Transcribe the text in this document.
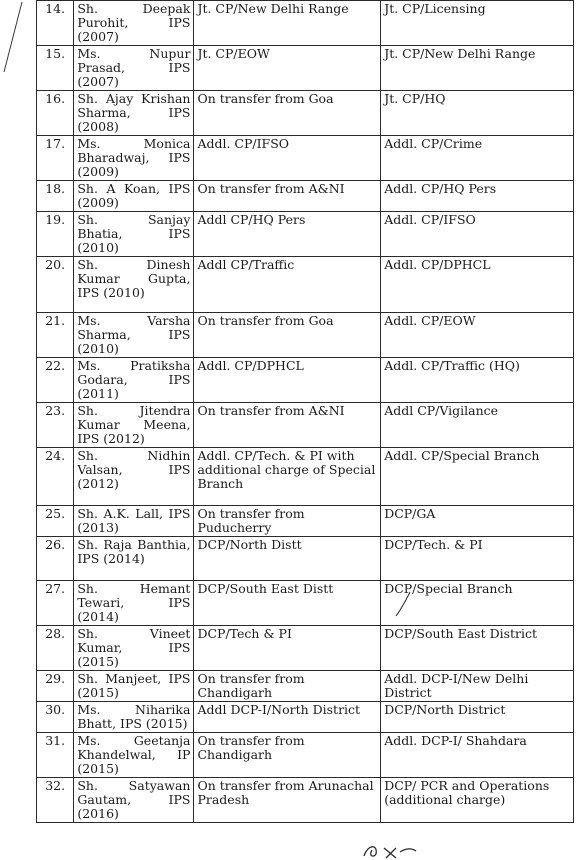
14.	Sh. Deepak Purohit, IPS (2007)	Jt. CP/New Delhi Range	Jt. CP/Licensing
15.	Ms. Nupur Prasad, IPS (2007)	Jt. CP/EOW	Jt. CP/New Delhi Range
16.	Sh. Ajay Krishan Sharma, IPS (2008)	On transfer from Goa	Jt. CP/HQ
17.	Ms. Monica Bharadwaj, IPS (2009)	Addl. CP/IFSO	Addl. CP/Crime
18.	Sh. A Koan, IPS (2009)	On transfer from A&NI	Addl. CP/HQ Pers
19.	Sh. Sanjay Bhatia, IPS (2010)	Addl CP/HQ Pers	Addl. CP/IFSO
20.	Sh. Dinesh Kumar Gupta, IPS (2010)	Addl CP/Traffic	Addl. CP/DPHCL
21.	Ms. Varsha Sharma, IPS (2010)	On transfer from Goa	Addl. CP/EOW
22.	Ms. Pratiksha Godara, IPS (2011)	Addl. CP/DPHCL	Addl. CP/Traffic (HQ)
23.	Sh. Jitendra Kumar Meena, IPS (2012)	On transfer from A&NI	Addl CP/Vigilance
24.	Sh. Nidhin Valsan, IPS (2012)	Addl. CP/Tech. & PI with additional charge of Special Branch	Addl. CP/Special Branch
25.	Sh. A.K. Lall, IPS (2013)	On transfer from Puducherry	DCP/GA
26.	Sh. Raja Banthia, IPS (2014)	DCP/North Distt	DCP/Tech. & PI
27.	Sh. Hemant Tewari, IPS (2014)	DCP/South East Distt	DCP/Special Branch
28.	Sh. Vineet Kumar, IPS (2015)	DCP/Tech & PI	DCP/South East District
29.	Sh. Manjeet, IPS (2015)	On transfer from Chandigarh	Addl. DCP-I/New Delhi District
30.	Ms. Niharika Bhatt, IPS (2015)	Addl DCP-I/North District	DCP/North District
31.	Ms. Geetanja Khandelwal, IP (2015)	On transfer from Chandigarh	Addl. DCP-I/ Shahdara
32.	Sh. Satyawan Gautam, IPS (2016)	On transfer from Arunachal Pradesh	DCP/ PCR and Operations (additional charge)
